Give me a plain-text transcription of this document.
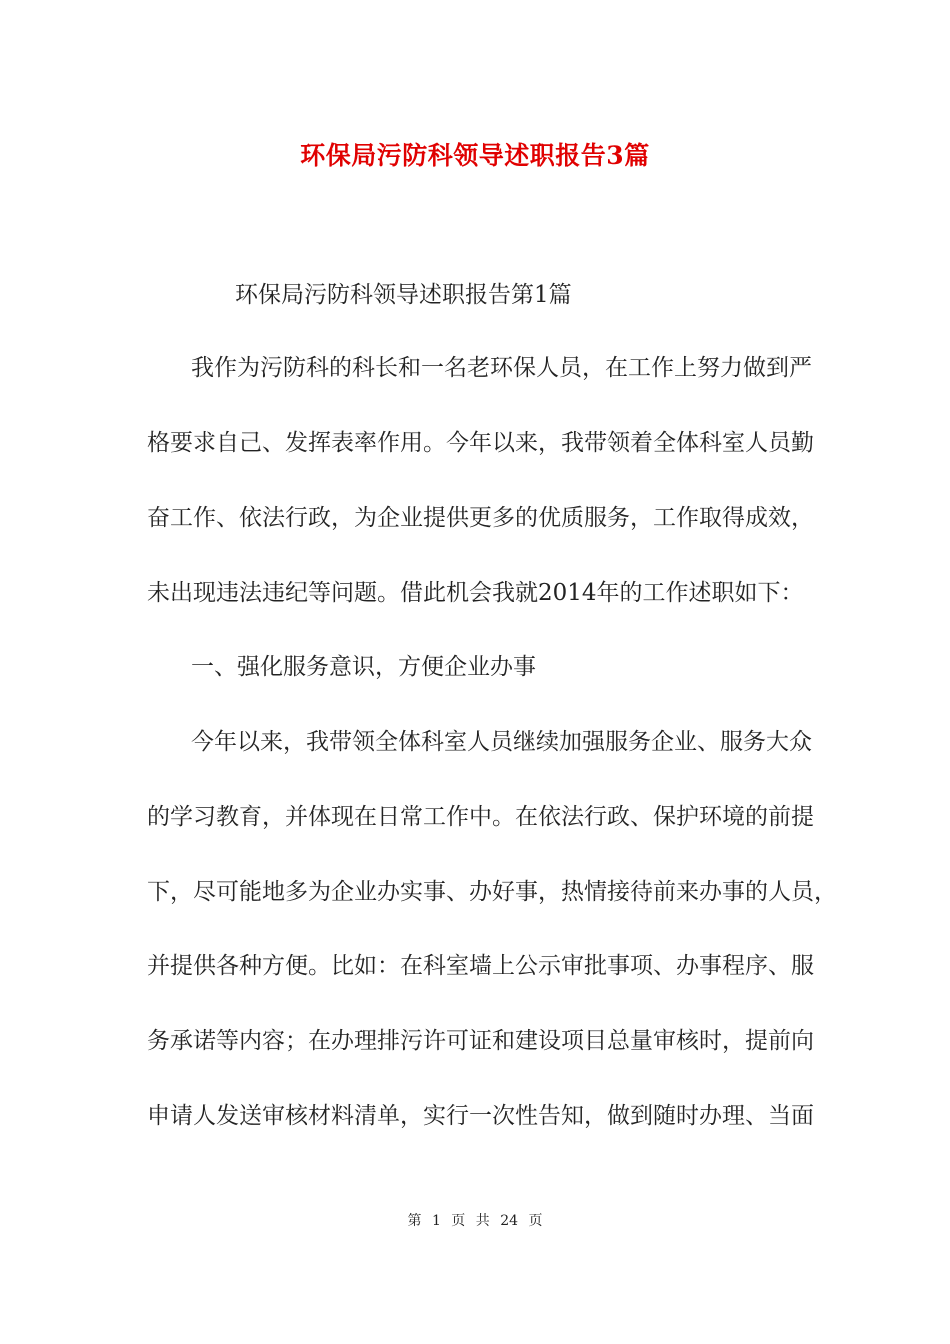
环保局污防科领导述职报告3篇
环保局污防科领导述职报告第1篇
我作为污防科的科长和一名老环保人员，在工作上努力做到严
格要求自己、发挥表率作用。今年以来，我带领着全体科室人员勤
奋工作、依法行政，为企业提供更多的优质服务，工作取得成效，
未出现违法违纪等问题。借此机会我就2014年的工作述职如下：
一、强化服务意识，方便企业办事
今年以来，我带领全体科室人员继续加强服务企业、服务大众
的学习教育，并体现在日常工作中。在依法行政、保护环境的前提
下，尽可能地多为企业办实事、办好事，热情接待前来办事的人员，
并提供各种方便。比如：在科室墙上公示审批事项、办事程序、服
务承诺等内容；在办理排污许可证和建设项目总量审核时，提前向
申请人发送审核材料清单，实行一次性告知，做到随时办理、当面
第 1 页 共 24 页
